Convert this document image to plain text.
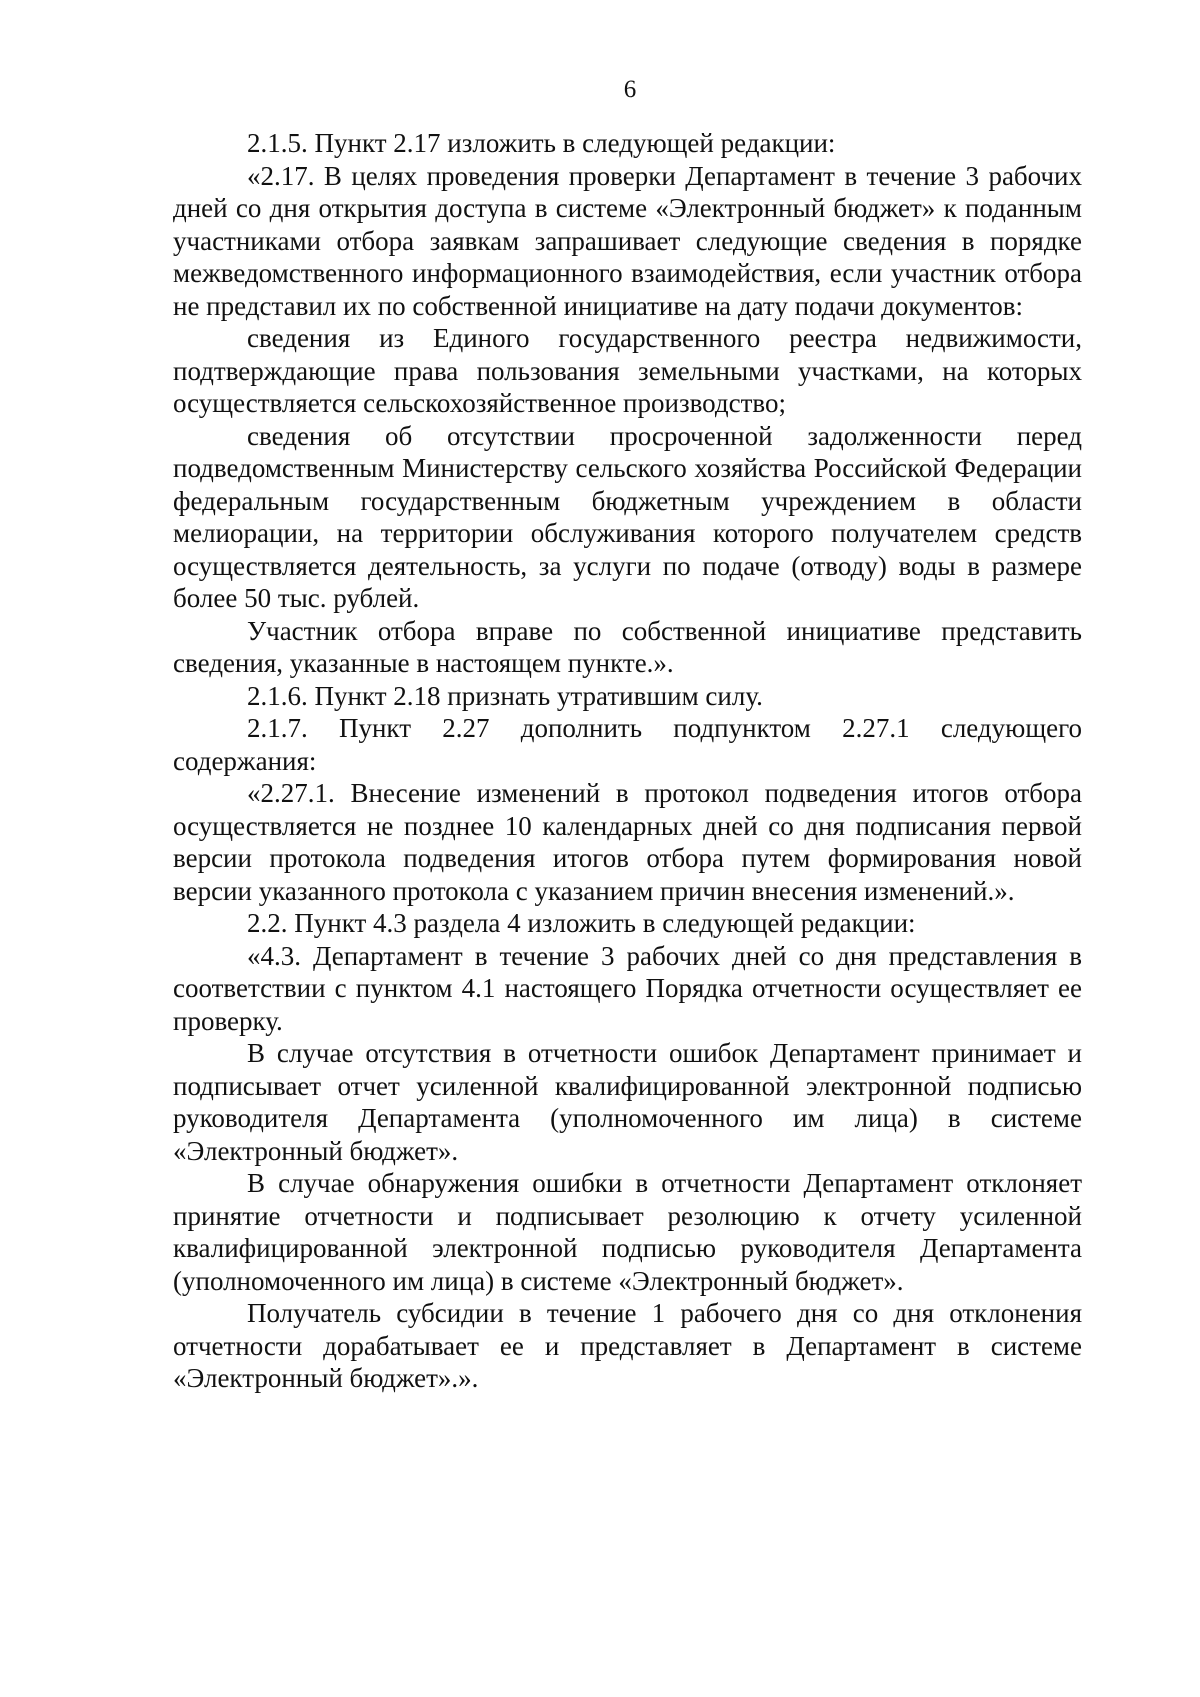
6

2.1.5. Пункт 2.17 изложить в следующей редакции:

«2.17. В целях проведения проверки Департамент в течение 3 рабочих дней со дня открытия доступа в системе «Электронный бюджет» к поданным участниками отбора заявкам запрашивает следующие сведения в порядке межведомственного информационного взаимодействия, если участник отбора не представил их по собственной инициативе на дату подачи документов:

сведения из Единого государственного реестра недвижимости, подтверждающие права пользования земельными участками, на которых осуществляется сельскохозяйственное производство;

сведения об отсутствии просроченной задолженности перед подведомственным Министерству сельского хозяйства Российской Федерации федеральным государственным бюджетным учреждением в области мелиорации, на территории обслуживания которого получателем средств осуществляется деятельность, за услуги по подаче (отводу) воды в размере более 50 тыс. рублей.

Участник отбора вправе по собственной инициативе представить сведения, указанные в настоящем пункте.».

2.1.6. Пункт 2.18 признать утратившим силу.

2.1.7. Пункт 2.27 дополнить подпунктом 2.27.1 следующего содержания:

«2.27.1. Внесение изменений в протокол подведения итогов отбора осуществляется не позднее 10 календарных дней со дня подписания первой версии протокола подведения итогов отбора путем формирования новой версии указанного протокола с указанием причин внесения изменений.».

2.2. Пункт 4.3 раздела 4 изложить в следующей редакции:

«4.3. Департамент в течение 3 рабочих дней со дня представления в соответствии с пунктом 4.1 настоящего Порядка отчетности осуществляет ее проверку.

В случае отсутствия в отчетности ошибок Департамент принимает и подписывает отчет усиленной квалифицированной электронной подписью руководителя Департамента (уполномоченного им лица) в системе «Электронный бюджет».

В случае обнаружения ошибки в отчетности Департамент отклоняет принятие отчетности и подписывает резолюцию к отчету усиленной квалифицированной электронной подписью руководителя Департамента (уполномоченного им лица) в системе «Электронный бюджет».

Получатель субсидии в течение 1 рабочего дня со дня отклонения отчетности дорабатывает ее и представляет в Департамент в системе «Электронный бюджет».».
